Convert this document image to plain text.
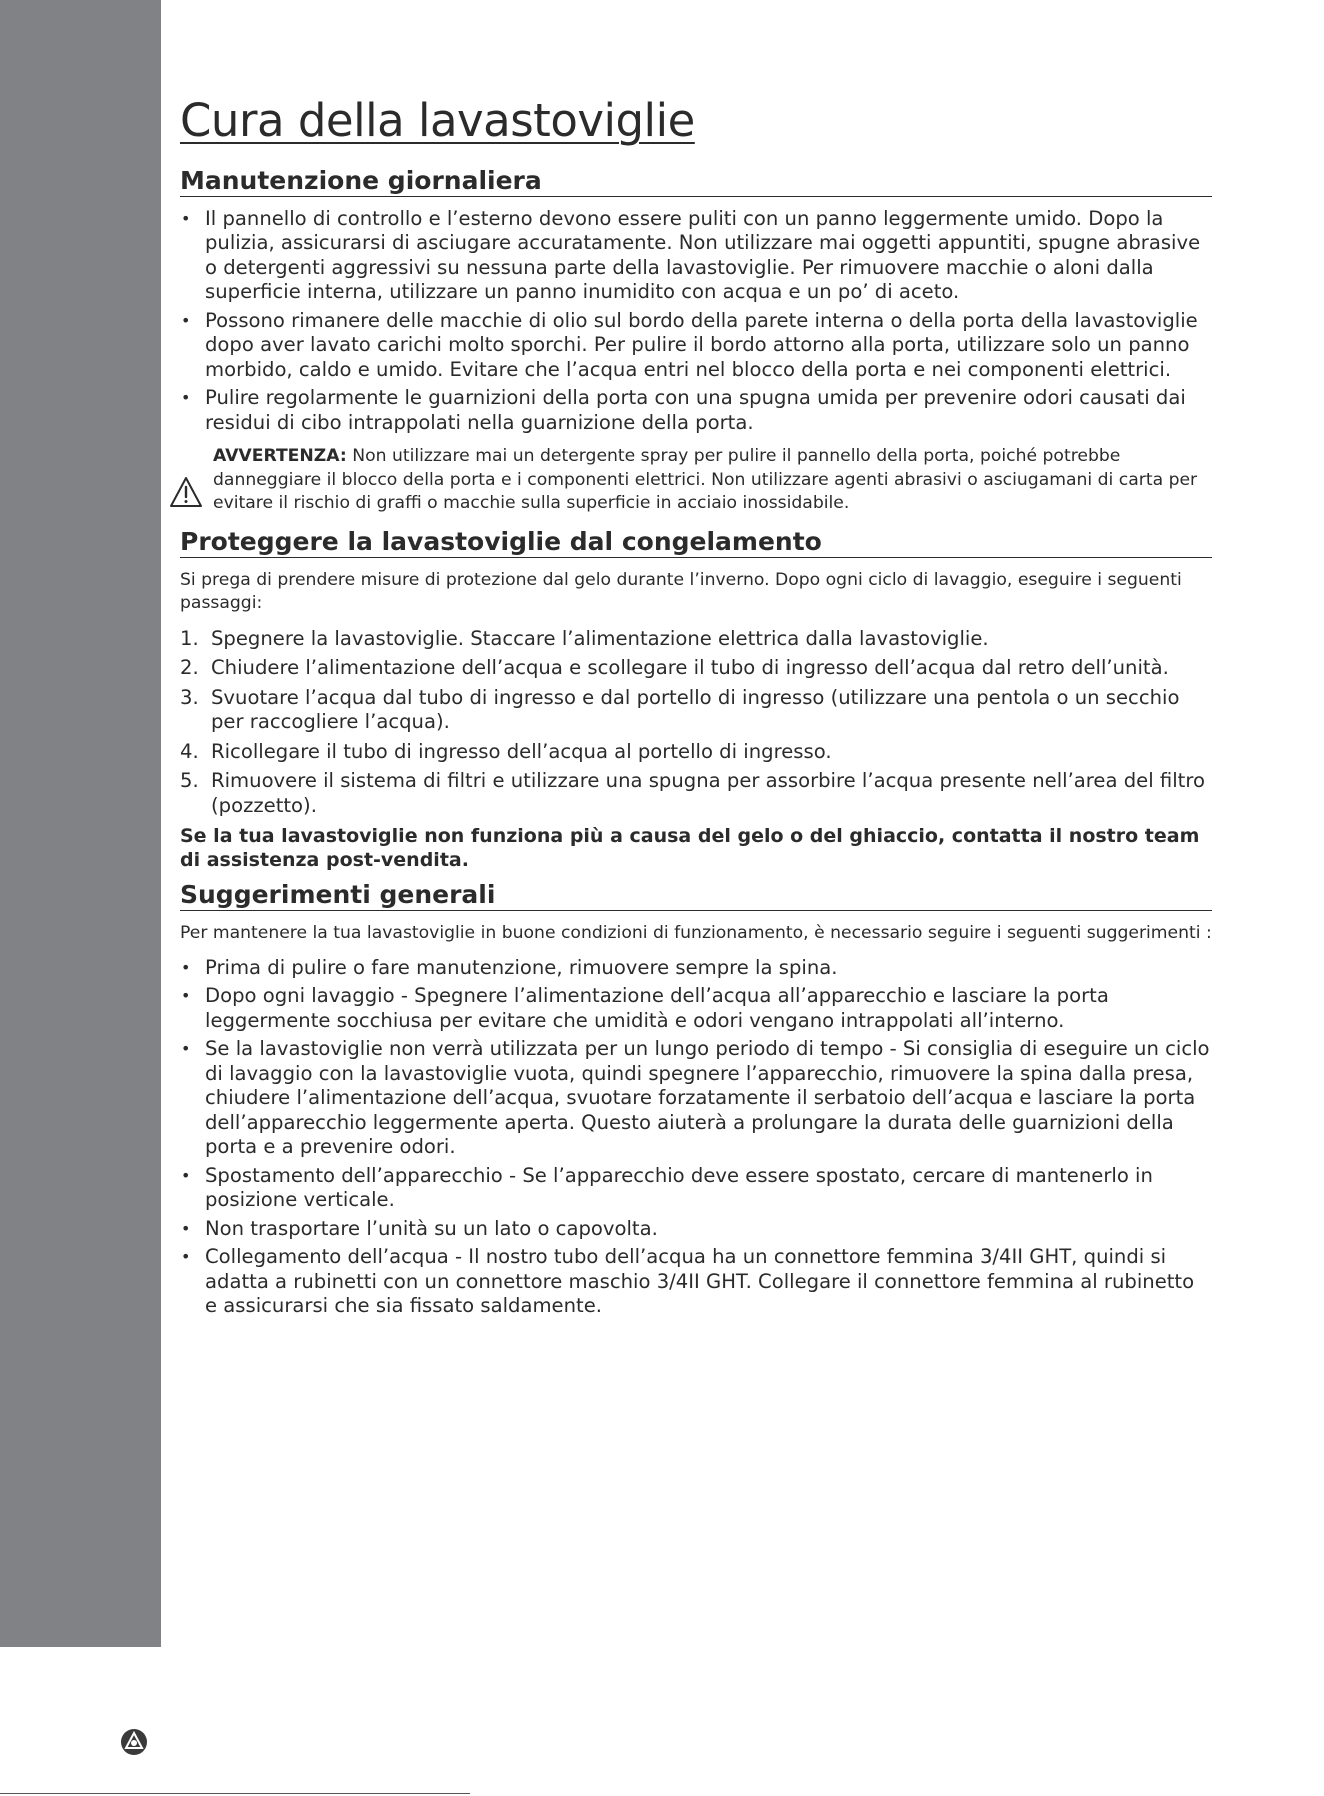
Cura della lavastoviglie
Manutenzione giornaliera
• Il pannello di controllo e l’esterno devono essere puliti con un panno leggermente umido. Dopo la pulizia, assicurarsi di asciugare accuratamente. Non utilizzare mai oggetti appuntiti, spugne abrasive o detergenti aggressivi su nessuna parte della lavastoviglie. Per rimuovere macchie o aloni dalla superficie interna, utilizzare un panno inumidito con acqua e un po’ di aceto.
• Possono rimanere delle macchie di olio sul bordo della parete interna o della porta della lavastoviglie dopo aver lavato carichi molto sporchi. Per pulire il bordo attorno alla porta, utilizzare solo un panno morbido, caldo e umido. Evitare che l’acqua entri nel blocco della porta e nei componenti elettrici.
• Pulire regolarmente le guarnizioni della porta con una spugna umida per prevenire odori causati dai residui di cibo intrappolati nella guarnizione della porta.
AVVERTENZA: Non utilizzare mai un detergente spray per pulire il pannello della porta, poiché potrebbe danneggiare il blocco della porta e i componenti elettrici. Non utilizzare agenti abrasivi o asciugamani di carta per evitare il rischio di graffi o macchie sulla superficie in acciaio inossidabile.
Proteggere la lavastoviglie dal congelamento

Si prega di prendere misure di protezione dal gelo durante l’inverno. Dopo ogni ciclo di lavaggio, eseguire i seguenti passaggi:

1. Spegnere la lavastoviglie. Staccare l’alimentazione elettrica dalla lavastoviglie.
2. Chiudere l’alimentazione dell’acqua e scollegare il tubo di ingresso dell’acqua dal retro dell’unità.
3. Svuotare l’acqua dal tubo di ingresso e dal portello di ingresso (utilizzare una pentola o un secchio per raccogliere l’acqua).
4. Ricollegare il tubo di ingresso dell’acqua al portello di ingresso.
5. Rimuovere il sistema di filtri e utilizzare una spugna per assorbire l’acqua presente nell’area del filtro (pozzetto).

Se la tua lavastoviglie non funziona più a causa del gelo o del ghiaccio, contatta il nostro team di assistenza post-vendita.

Suggerimenti generali

Per mantenere la tua lavastoviglie in buone condizioni di funzionamento, è necessario seguire i seguenti suggerimenti :

• Prima di pulire o fare manutenzione, rimuovere sempre la spina.
• Dopo ogni lavaggio - Spegnere l’alimentazione dell’acqua all’apparecchio e lasciare la porta leggermente socchiusa per evitare che umidità e odori vengano intrappolati all’interno.
• Se la lavastoviglie non verrà utilizzata per un lungo periodo di tempo - Si consiglia di eseguire un ciclo di lavaggio con la lavastoviglie vuota, quindi spegnere l’apparecchio, rimuovere la spina dalla presa, chiudere l’alimentazione dell’acqua, svuotare forzatamente il serbatoio dell’acqua e lasciare la porta dell’apparecchio leggermente aperta. Questo aiuterà a prolungare la durata delle guarnizioni della porta e a prevenire odori.
• Spostamento dell’apparecchio - Se l’apparecchio deve essere spostato, cercare di mantenerlo in posizione verticale.
• Non trasportare l’unità su un lato o capovolta.
• Collegamento dell’acqua - Il nostro tubo dell’acqua ha un connettore femmina 3/4II GHT, quindi si adatta a rubinetti con un connettore maschio 3/4II GHT. Collegare il connettore femmina al rubinetto e assicurarsi che sia fissato saldamente.
